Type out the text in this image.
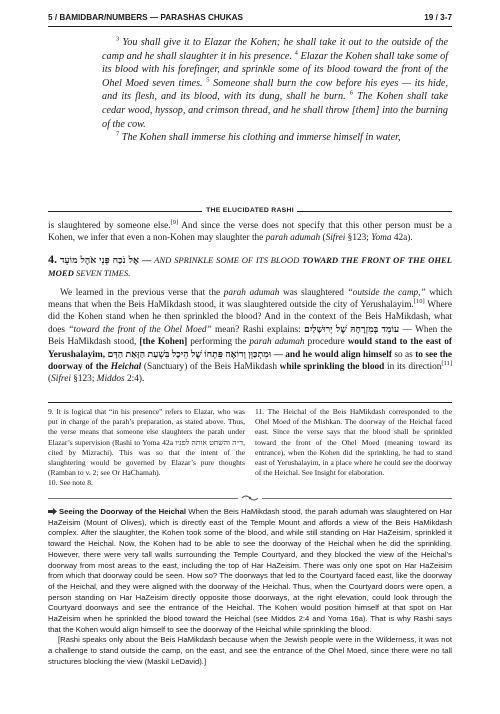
5 / BAMIDBAR/NUMBERS — PARASHAS CHUKAS	19 / 3-7

$^3$ You shall give it to Elazar the Kohen; he shall take it out to the outside of the camp and he shall slaughter it in his presence. $^4$ Elazar the Kohen shall take some of its blood with his forefinger, and sprinkle some of its blood toward the front of the Ohel Moed seven times. $^5$ Someone shall burn the cow before his eyes — its hide, and its flesh, and its blood, with its dung, shall he burn. $^6$ The Kohen shall take cedar wood, hyssop, and crimson thread, and he shall throw [them] into the burning of the cow.

$^7$ The Kohen shall immerse his clothing and immerse himself in water,

THE ELUCIDATED RASHI

is slaughtered by someone else.[9] And since the verse does not specify that this other person must be a Kohen, we infer that even a non-Kohen may slaughter the parah adumah (Sifrei §123; Yoma 42a).

4. אֶל נֹכַח פְּנֵי אֹהֶל מוֹעֵד — AND SPRINKLE SOME OF ITS BLOOD TOWARD THE FRONT OF THE OHEL MOED SEVEN TIMES.

We learned in the previous verse that the parah adumah was slaughtered “outside the camp,” which means that when the Beis HaMikdash stood, it was slaughtered outside the city of Yerushalayim.[10] Where did the Kohen stand when he then sprinkled the blood? And in the context of the Beis HaMikdash, what does “toward the front of the Ohel Moed” mean? Rashi explains: עוֹמֵד בְּמִזְרָחָהּ שֶׁל יְרוּשָׁלַיִם — When the Beis HaMikdash stood, [the Kohen] performing the parah adumah procedure would stand to the east of Yerushalayim, וּמִתְכַּוֵּן וְרוֹאֶה פִּתְחוֹ שֶׁל הֵיכָל בִּשְׁעַת הַזָּאַת הַדָּם — and he would align himself so as to see the doorway of the Heichal (Sanctuary) of the Beis HaMikdash while sprinkling the blood in its direction[11] (Sifrei §123; Middos 2:4).

9. It is logical that “in his presence” refers to Elazar, who was put in charge of the parah’s preparation, as stated above. Thus, the verse means that someone else slaughters the parah under Elazar’s supervision (Rashi to Yoma 42a ד״ה והשחט אותה לפניו, cited by Mizrachi). This was so that the intent of the slaughtering would be governed by Elazar’s pure thoughts (Ramban to v. 2; see Or HaChamah).

10. See note 8.

11. The Heichal of the Beis HaMikdash corresponded to the Ohel Moed of the Mishkan. The doorway of the Heichal faced east. Since the verse says that the blood shall be sprinkled toward the front of the Ohel Moed (meaning toward its entrance), when the Kohen did the sprinkling, he had to stand east of Yerushalayim, in a place where he could see the doorway of the Heichal. See Insight for elaboration.

Seeing the Doorway of the Heichal When the Beis HaMikdash stood, the parah adumah was slaughtered on Har HaZeisim (Mount of Olives), which is directly east of the Temple Mount and affords a view of the Beis HaMikdash complex. After the slaughter, the Kohen took some of the blood, and while still standing on Har HaZeisim, sprinkled it toward the Heichal. Now, the Kohen had to be able to see the doorway of the Heichal when he did the sprinkling. However, there were very tall walls surrounding the Temple Courtyard, and they blocked the view of the Heichal’s doorway from most areas to the east, including the top of Har HaZeisim. There was only one spot on Har HaZeisim from which that doorway could be seen. How so? The doorways that led to the Courtyard faced east, like the doorway of the Heichal, and they were aligned with the doorway of the Heichal. Thus, when the Courtyard doors were open, a person standing on Har HaZeisim directly opposite those doorways, at the right elevation, could look through the Courtyard doorways and see the entrance of the Heichal. The Kohen would position himself at that spot on Har HaZeisim when he sprinkled the blood toward the Heichal (see Middos 2:4 and Yoma 16a). That is why Rashi says that the Kohen would align himself to see the doorway of the Heichal while sprinkling the blood.

[Rashi speaks only about the Beis HaMikdash because when the Jewish people were in the Wilderness, it was not a challenge to stand outside the camp, on the east, and see the entrance of the Ohel Moed, since there were no tall structures blocking the view (Maskil LeDavid).]
